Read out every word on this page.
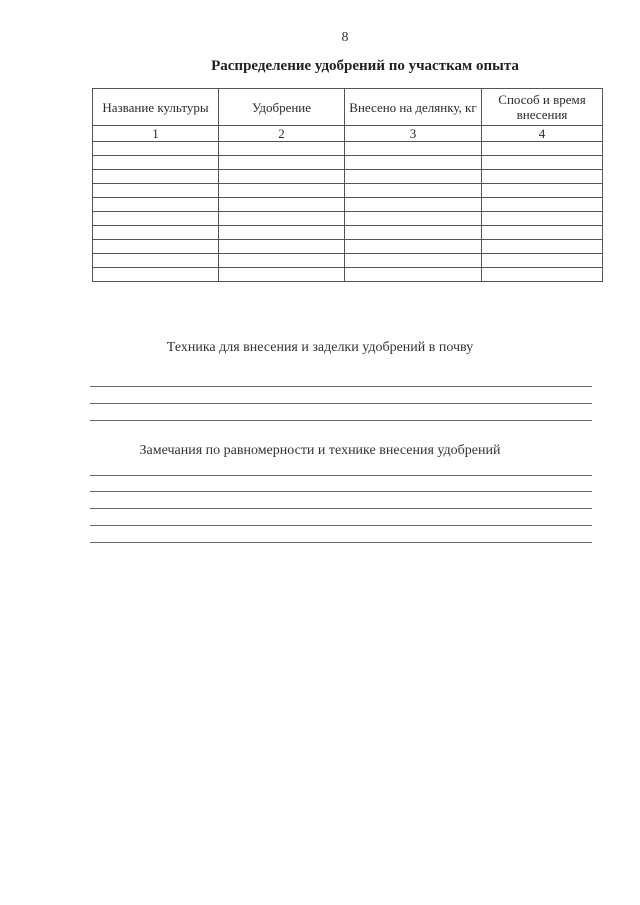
8
Распределение удобрений по участкам опыта
Название культуры	Удобрение	Внесено на делянку, кг	Способ и время внесения
1	2	3	4

Техника для внесения и заделки удобрений в почву
Замечания по равномерности и технике внесения удобрений
